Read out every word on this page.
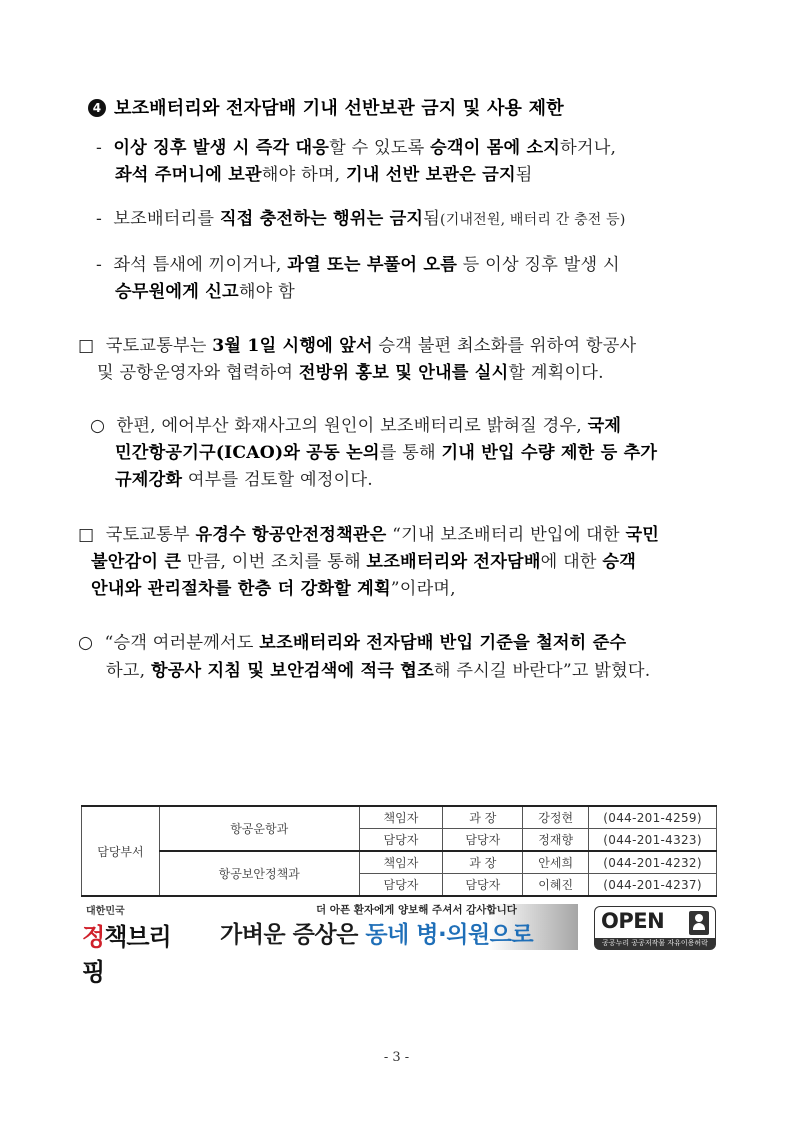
4 보조배터리와 전자담배 기내 선반보관 금지 및 사용 제한
- 이상 징후 발생 시 즉각 대응할 수 있도록 승객이 몸에 소지하거나,
좌석 주머니에 보관해야 하며, 기내 선반 보관은 금지됨
- 보조배터리를 직접 충전하는 행위는 금지됨(기내전원, 배터리 간 충전 등)
- 좌석 틈새에 끼이거나, 과열 또는 부풀어 오름 등 이상 징후 발생 시
승무원에게 신고해야 함
□ 국토교통부는 3월 1일 시행에 앞서 승객 불편 최소화를 위하여 항공사
및 공항운영자와 협력하여 전방위 홍보 및 안내를 실시할 계획이다.
○ 한편, 에어부산 화재사고의 원인이 보조배터리로 밝혀질 경우, 국제
민간항공기구(ICAO)와 공동 논의를 통해 기내 반입 수량 제한 등 추가
규제강화 여부를 검토할 예정이다.
□ 국토교통부 유경수 항공안전정책관은 “기내 보조배터리 반입에 대한 국민
불안감이 큰 만큼, 이번 조치를 통해 보조배터리와 전자담배에 대한 승객
안내와 관리절차를 한층 더 강화할 계획”이라며,
○ “승객 여러분께서도 보조배터리와 전자담배 반입 기준을 철저히 준수
하고, 항공사 지침 및 보안검색에 적극 협조해 주시길 바란다”고 밝혔다.
담당부서	항공운항과	책임자	과 장	강정현	(044-201-4259)
		담당자	담당자	정재향	(044-201-4323)
	항공보안정책과	책임자	과 장	안세희	(044-201-4232)
		담당자	담당자	이혜진	(044-201-4237)
대한민국
정책브리핑
더 아픈 환자에게 양보해 주셔서 감사합니다
가벼운 증상은 동네 병·의원으로
OPEN
공공누리 공공저작물 자유이용허락
- 3 -
